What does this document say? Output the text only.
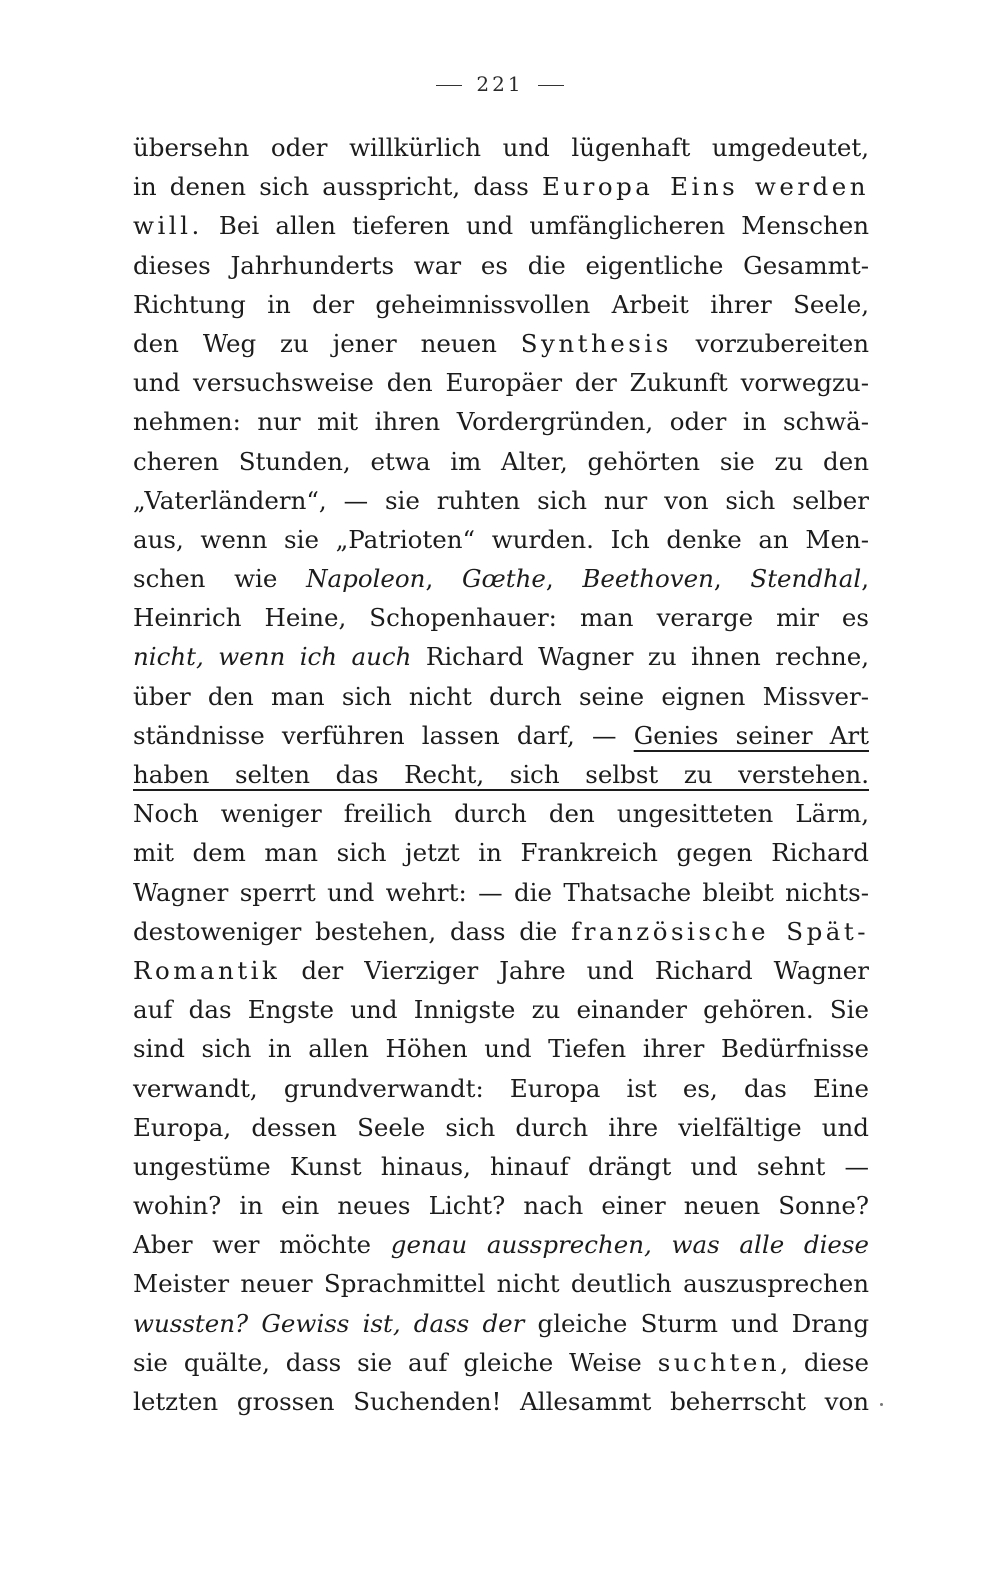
221
übersehn oder willkürlich und lügenhaft umgedeutet,
in denen sich ausspricht, dass Europa Eins werden
will. Bei allen tieferen und umfänglicheren Menschen
dieses Jahrhunderts war es die eigentliche Gesammt-
Richtung in der geheimnissvollen Arbeit ihrer Seele,
den Weg zu jener neuen Synthesis vorzubereiten
und versuchsweise den Europäer der Zukunft vorwegzu-
nehmen: nur mit ihren Vordergründen, oder in schwä-
cheren Stunden, etwa im Alter, gehörten sie zu den
„Vaterländern“, — sie ruhten sich nur von sich selber
aus, wenn sie „Patrioten“ wurden. Ich denke an Men-
schen wie Napoleon, Gœthe, Beethoven, Stendhal,
Heinrich Heine, Schopenhauer: man verarge mir es
nicht, wenn ich auch Richard Wagner zu ihnen rechne,
über den man sich nicht durch seine eignen Missver-
ständnisse verführen lassen darf, — Genies seiner Art
haben selten das Recht, sich selbst zu verstehen.
Noch weniger freilich durch den ungesitteten Lärm,
mit dem man sich jetzt in Frankreich gegen Richard
Wagner sperrt und wehrt: — die Thatsache bleibt nichts-
destoweniger bestehen, dass die französische Spät-
Romantik der Vierziger Jahre und Richard Wagner
auf das Engste und Innigste zu einander gehören. Sie
sind sich in allen Höhen und Tiefen ihrer Bedürfnisse
verwandt, grundverwandt: Europa ist es, das Eine
Europa, dessen Seele sich durch ihre vielfältige und
ungestüme Kunst hinaus, hinauf drängt und sehnt —
wohin? in ein neues Licht? nach einer neuen Sonne?
Aber wer möchte genau aussprechen, was alle diese
Meister neuer Sprachmittel nicht deutlich auszusprechen
wussten? Gewiss ist, dass der gleiche Sturm und Drang
sie quälte, dass sie auf gleiche Weise suchten, diese
letzten grossen Suchenden! Allesammt beherrscht von
